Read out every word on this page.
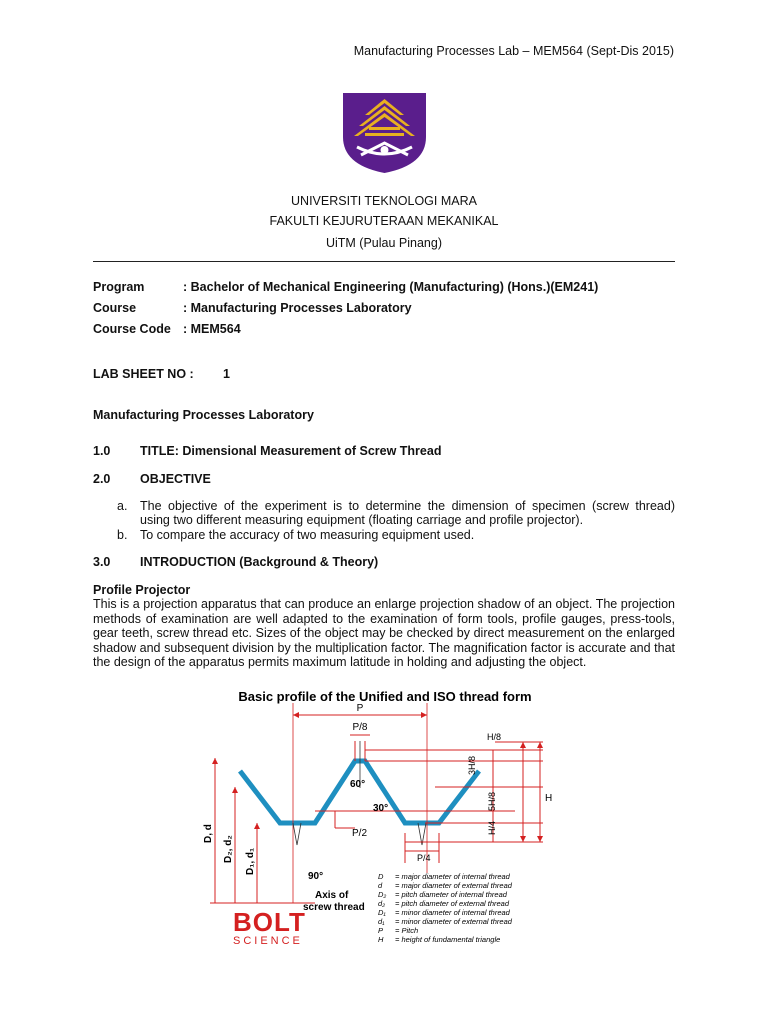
Manufacturing Processes Lab – MEM564 (Sept-Dis 2015)
UNIVERSITI TEKNOLOGI MARA
FAKULTI KEJURUTERAAN MEKANIKAL
UiTM (Pulau Pinang)
Program	: Bachelor of Mechanical Engineering (Manufacturing) (Hons.)(EM241)
Course	: Manufacturing Processes Laboratory
Course Code : MEM564
LAB SHEET NO : 1
Manufacturing Processes Laboratory
1.0 TITLE: Dimensional Measurement of Screw Thread
2.0 OBJECTIVE
a. The objective of the experiment is to determine the dimension of specimen (screw thread)
using two different measuring equipment (floating carriage and profile projector).
b. To compare the accuracy of two measuring equipment used.
3.0 INTRODUCTION (Background & Theory)
Profile Projector
This is a projection apparatus that can produce an enlarge projection shadow of an object. The projection methods of examination are well adapted to the examination of form tools, profile gauges, press-tools, gear teeth, screw thread etc. Sizes of the object may be checked by direct measurement on the enlarged shadow and subsequent division by the multiplication factor. The magnification factor is accurate and that the design of the apparatus permits maximum latitude in holding and adjusting the object.
Basic profile of the Unified and ISO thread form
P
P/8
H/8
60°
3H/8
5H/8	H
30°
P/2	H/4
P/4
D, d
D₂, d₂ D₁, d₁
90°
Axis of
screw thread
D = major diameter of internal thread
d = major diameter of external thread
D₂ = pitch diameter of internal thread
d₂ = pitch diameter of external thread
D₁ = minor diameter of internal thread
d₁ = minor diameter of external thread
P = Pitch
H = height of fundamental triangle
BOLT
SCIENCE
